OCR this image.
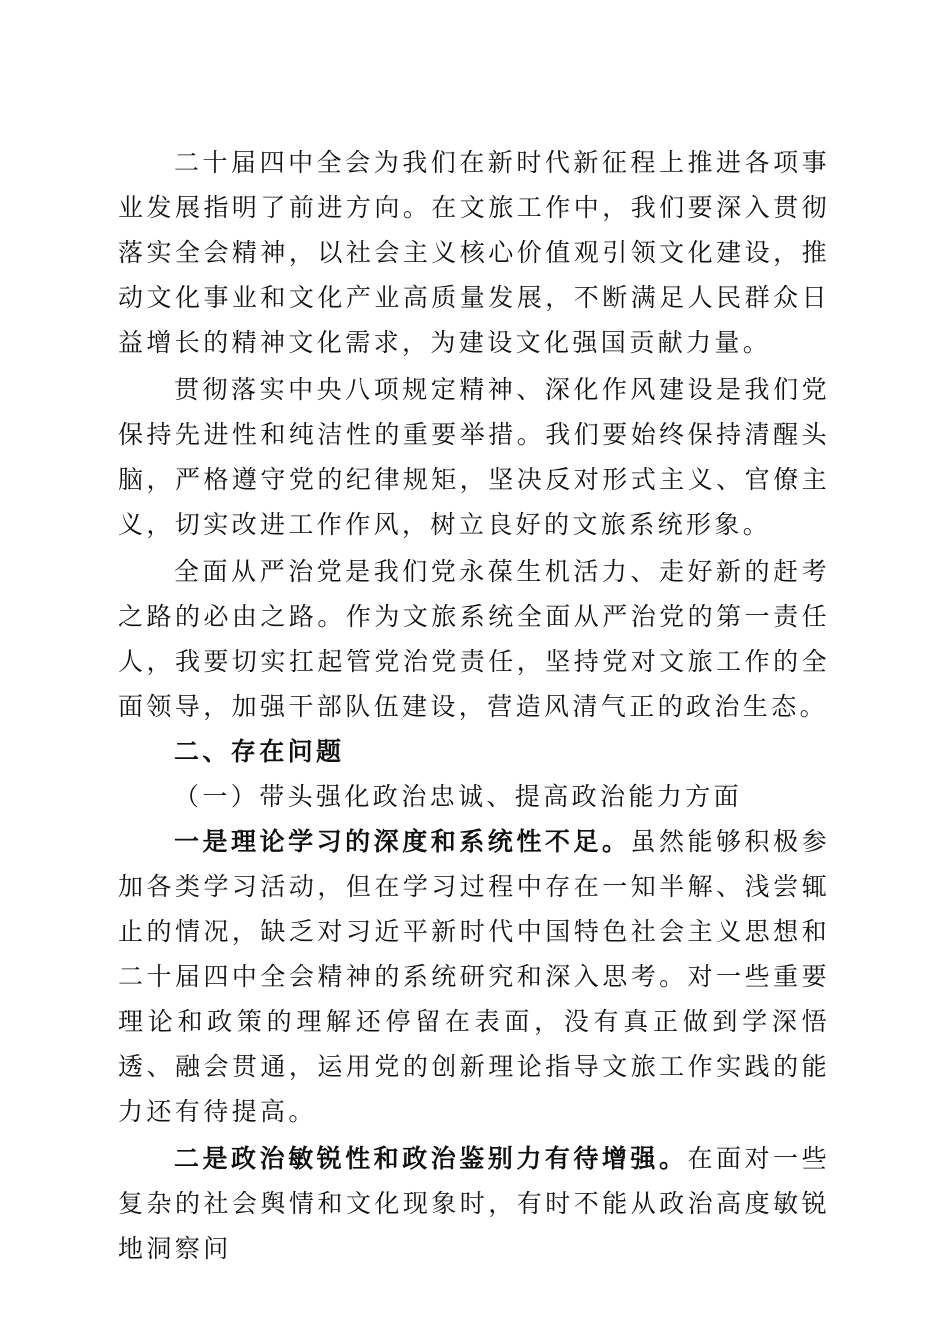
二十届四中全会为我们在新时代新征程上推进各项事业发展指明了前进方向。在文旅工作中，我们要深入贯彻落实全会精神，以社会主义核心价值观引领文化建设，推动文化事业和文化产业高质量发展，不断满足人民群众日益增长的精神文化需求，为建设文化强国贡献力量。

贯彻落实中央八项规定精神、深化作风建设是我们党保持先进性和纯洁性的重要举措。我们要始终保持清醒头脑，严格遵守党的纪律规矩，坚决反对形式主义、官僚主义，切实改进工作作风，树立良好的文旅系统形象。

全面从严治党是我们党永葆生机活力、走好新的赶考之路的必由之路。作为文旅系统全面从严治党的第一责任人，我要切实扛起管党治党责任，坚持党对文旅工作的全面领导，加强干部队伍建设，营造风清气正的政治生态。

二、存在问题
（一）带头强化政治忠诚、提高政治能力方面

一是理论学习的深度和系统性不足。虽然能够积极参加各类学习活动，但在学习过程中存在一知半解、浅尝辄止的情况，缺乏对习近平新时代中国特色社会主义思想和二十届四中全会精神的系统研究和深入思考。对一些重要理论和政策的理解还停留在表面，没有真正做到学深悟透、融会贯通，运用党的创新理论指导文旅工作实践的能力还有待提高。

二是政治敏锐性和政治鉴别力有待增强。在面对一些复杂的社会舆情和文化现象时，有时不能从政治高度敏锐地洞察问
